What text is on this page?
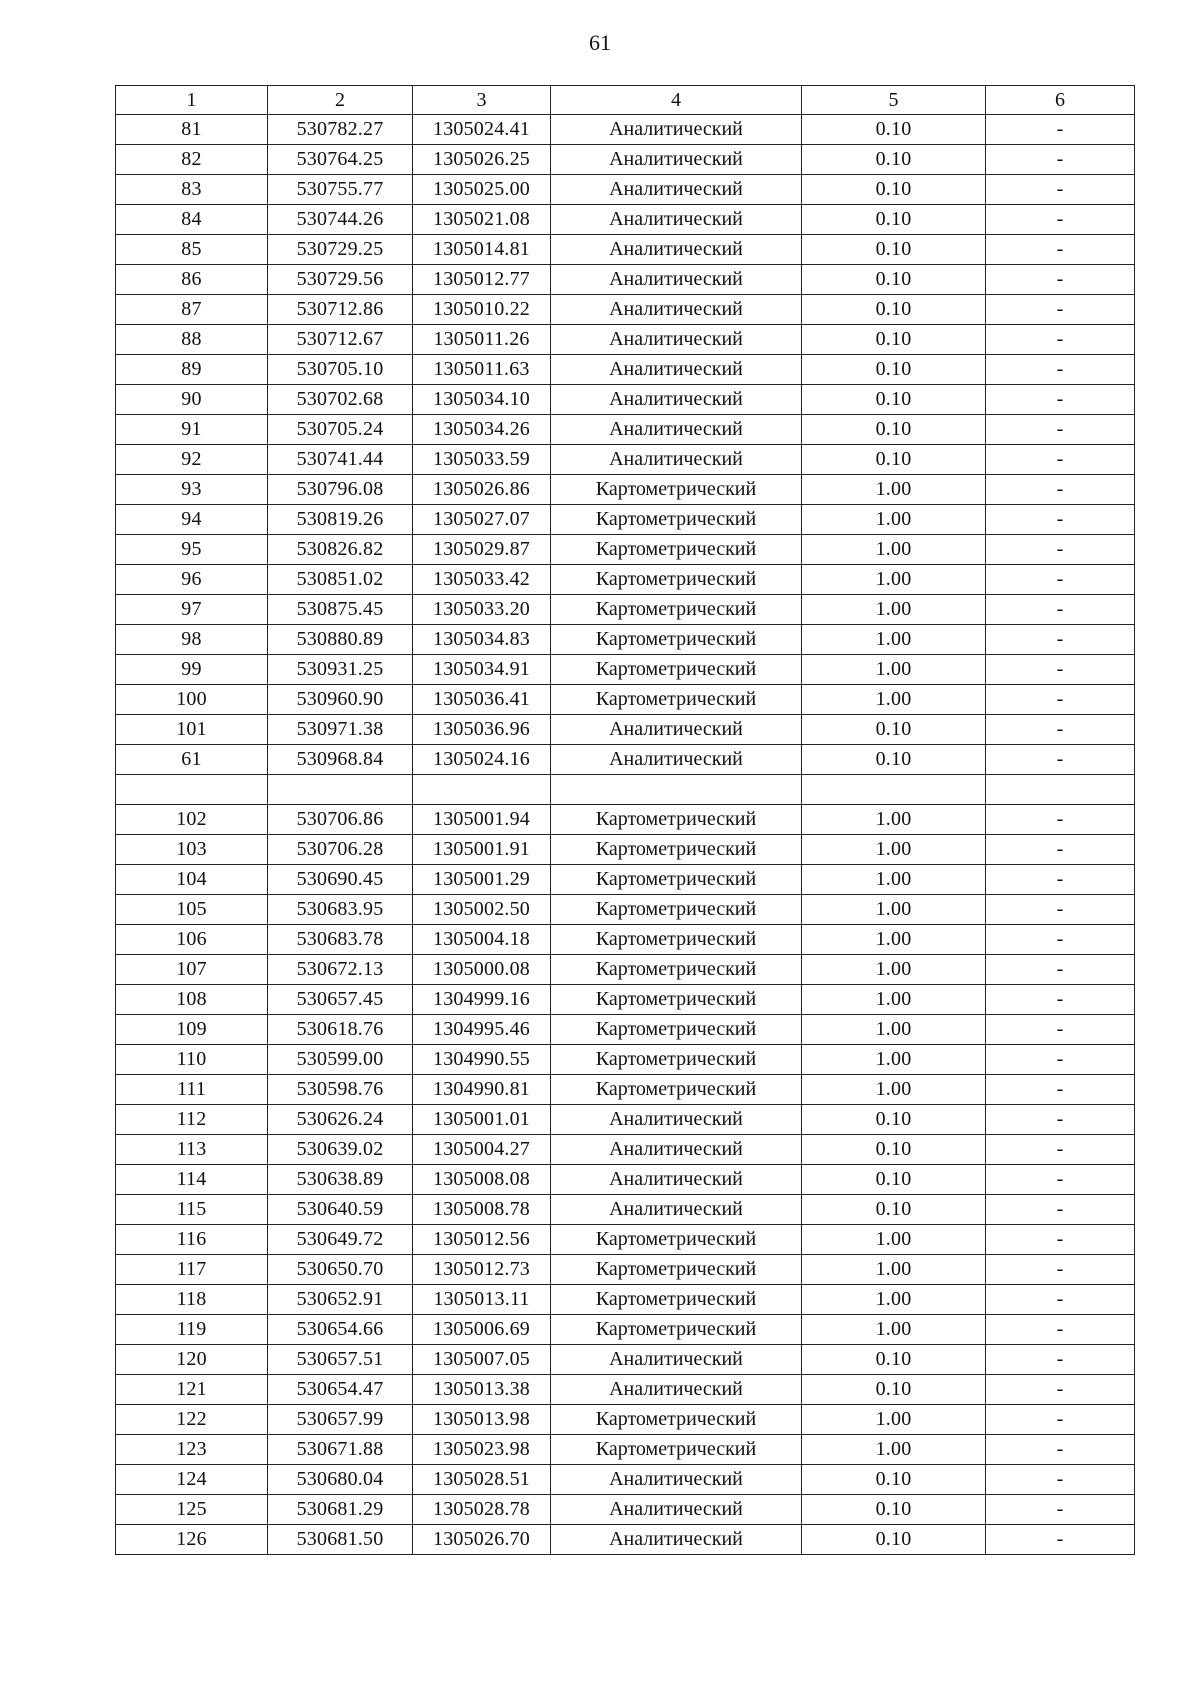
61
1	2	3	4	5	6
81	530782.27	1305024.41	Аналитический	0.10	-
82	530764.25	1305026.25	Аналитический	0.10	-
83	530755.77	1305025.00	Аналитический	0.10	-
84	530744.26	1305021.08	Аналитический	0.10	-
85	530729.25	1305014.81	Аналитический	0.10	-
86	530729.56	1305012.77	Аналитический	0.10	-
87	530712.86	1305010.22	Аналитический	0.10	-
88	530712.67	1305011.26	Аналитический	0.10	-
89	530705.10	1305011.63	Аналитический	0.10	-
90	530702.68	1305034.10	Аналитический	0.10	-
91	530705.24	1305034.26	Аналитический	0.10	-
92	530741.44	1305033.59	Аналитический	0.10	-
93	530796.08	1305026.86	Картометрический	1.00	-
94	530819.26	1305027.07	Картометрический	1.00	-
95	530826.82	1305029.87	Картометрический	1.00	-
96	530851.02	1305033.42	Картометрический	1.00	-
97	530875.45	1305033.20	Картометрический	1.00	-
98	530880.89	1305034.83	Картометрический	1.00	-
99	530931.25	1305034.91	Картометрический	1.00	-
100	530960.90	1305036.41	Картометрический	1.00	-
101	530971.38	1305036.96	Аналитический	0.10	-
61	530968.84	1305024.16	Аналитический	0.10	-

102	530706.86	1305001.94	Картометрический	1.00	-
103	530706.28	1305001.91	Картометрический	1.00	-
104	530690.45	1305001.29	Картометрический	1.00	-
105	530683.95	1305002.50	Картометрический	1.00	-
106	530683.78	1305004.18	Картометрический	1.00	-
107	530672.13	1305000.08	Картометрический	1.00	-
108	530657.45	1304999.16	Картометрический	1.00	-
109	530618.76	1304995.46	Картометрический	1.00	-
110	530599.00	1304990.55	Картометрический	1.00	-
111	530598.76	1304990.81	Картометрический	1.00	-
112	530626.24	1305001.01	Аналитический	0.10	-
113	530639.02	1305004.27	Аналитический	0.10	-
114	530638.89	1305008.08	Аналитический	0.10	-
115	530640.59	1305008.78	Аналитический	0.10	-
116	530649.72	1305012.56	Картометрический	1.00	-
117	530650.70	1305012.73	Картометрический	1.00	-
118	530652.91	1305013.11	Картометрический	1.00	-
119	530654.66	1305006.69	Картометрический	1.00	-
120	530657.51	1305007.05	Аналитический	0.10	-
121	530654.47	1305013.38	Аналитический	0.10	-
122	530657.99	1305013.98	Картометрический	1.00	-
123	530671.88	1305023.98	Картометрический	1.00	-
124	530680.04	1305028.51	Аналитический	0.10	-
125	530681.29	1305028.78	Аналитический	0.10	-
126	530681.50	1305026.70	Аналитический	0.10	-
